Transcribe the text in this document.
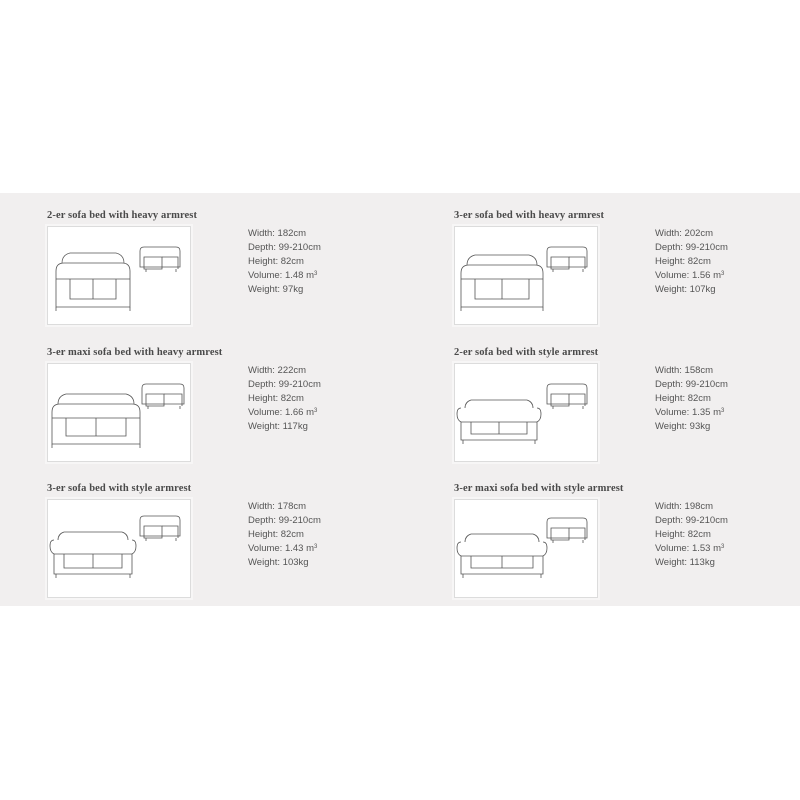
2-er sofa bed with heavy armrest
Width: 182cm
Depth: 99-210cm
Height: 82cm
Volume: 1.48 $m^3$
Weight: 97kg
3-er sofa bed with heavy armrest
Width: 202cm
Depth: 99-210cm
Height: 82cm
Volume: 1.56 $m^3$
Weight: 107kg
3-er maxi sofa bed with heavy armrest
Width: 222cm
Depth: 99-210cm
Height: 82cm
Volume: 1.66 $m^3$
Weight: 117kg
2-er sofa bed with style armrest
Width: 158cm
Depth: 99-210cm
Height: 82cm
Volume: 1.35 $m^3$
Weight: 93kg
3-er sofa bed with style armrest
Width: 178cm
Depth: 99-210cm
Height: 82cm
Volume: 1.43 $m^3$
Weight: 103kg
3-er maxi sofa bed with style armrest
Width: 198cm
Depth: 99-210cm
Height: 82cm
Volume: 1.53 $m^3$
Weight: 113kg
